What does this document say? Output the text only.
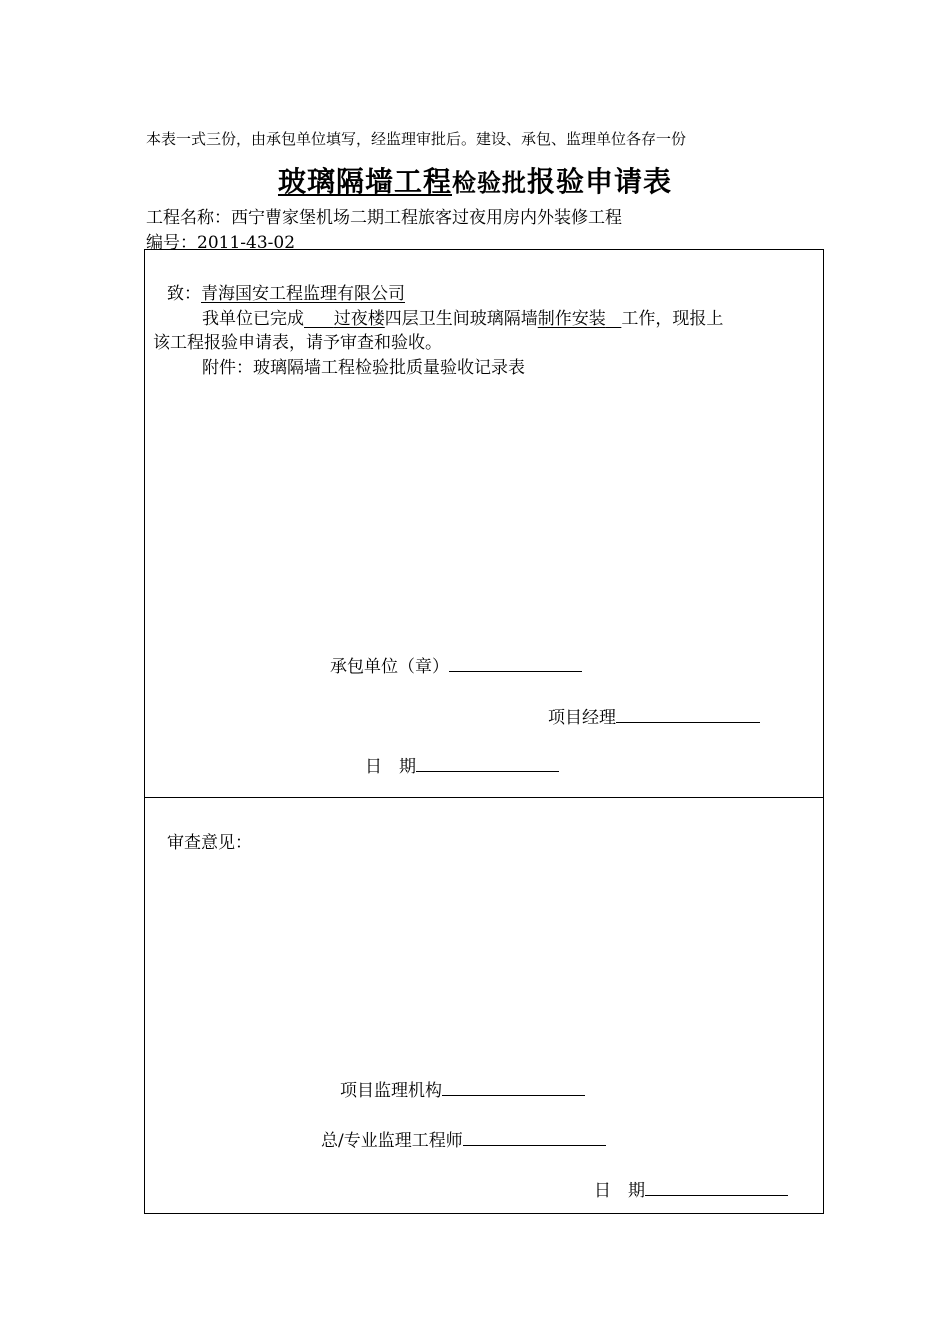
本表一式三份，由承包单位填写，经监理审批后。建设、承包、监理单位各存一份
玻璃隔墙工程检验批报验申请表
工程名称：西宁曹家堡机场二期工程旅客过夜用房内外装修工程
编号：2011-43-02
致：青海国安工程监理有限公司
我单位已完成    过夜楼四层卫生间玻璃隔墙制作安装    工作，现报上
该工程报验申请表，请予审查和验收。
附件：玻璃隔墙工程检验批质量验收记录表
承包单位（章）
项目经理
日　期
审查意见：
项目监理机构
总/专业监理工程师
日　期
